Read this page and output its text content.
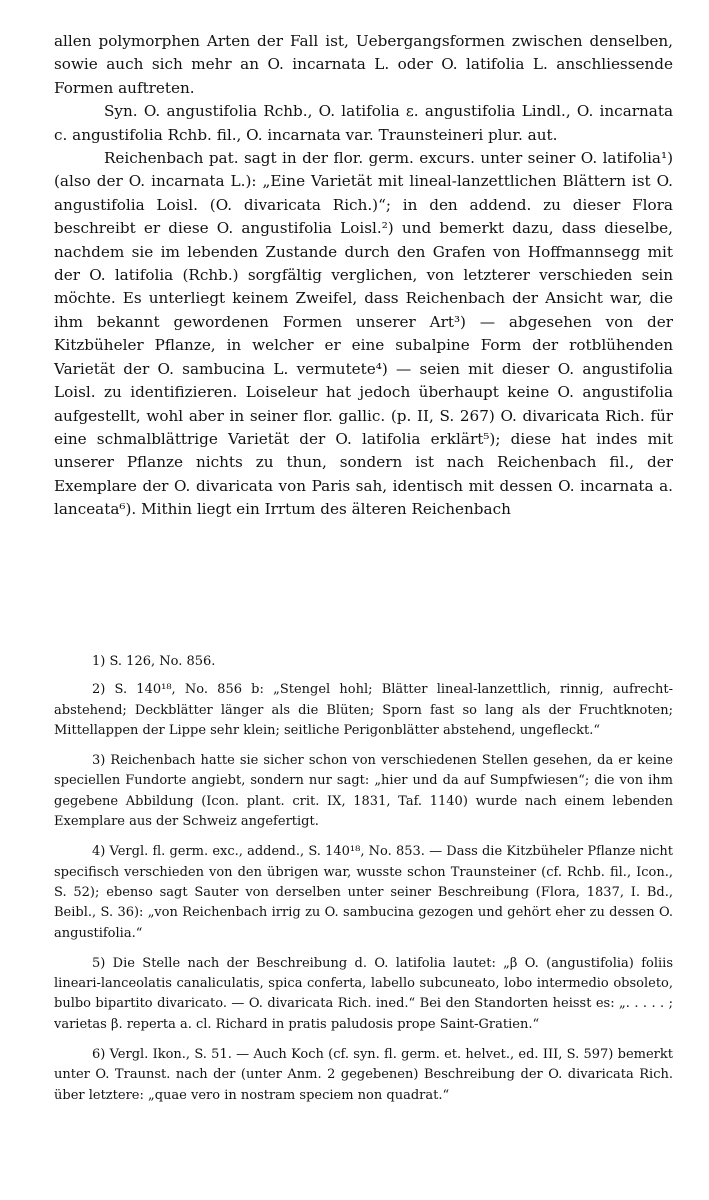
allen polymorphen Arten der Fall ist, Uebergangsformen zwischen denselben, sowie auch sich mehr an O. incarnata L. oder O. latifolia L. anschliessende Formen auftreten.

Syn. O. angustifolia Rchb., O. latifolia ε. angustifolia Lindl., O. incarnata c. angustifolia Rchb. fil., O. incarnata var. Traunsteineri plur. aut.

Reichenbach pat. sagt in der flor. germ. excurs. unter seiner O. latifolia¹) (also der O. incarnata L.): „Eine Varietät mit lineal-lanzettlichen Blättern ist O. angustifolia Loisl. (O. divaricata Rich.)“; in den addend. zu dieser Flora beschreibt er diese O. angustifolia Loisl.²) und bemerkt dazu, dass dieselbe, nachdem sie im lebenden Zustande durch den Grafen von Hoffmannsegg mit der O. latifolia (Rchb.) sorgfältig verglichen, von letzterer verschieden sein möchte. Es unterliegt keinem Zweifel, dass Reichenbach der Ansicht war, die ihm bekannt gewordenen Formen unserer Art³) — abgesehen von der Kitzbüheler Pflanze, in welcher er eine subalpine Form der rotblühenden Varietät der O. sambucina L. vermutete⁴) — seien mit dieser O. angustifolia Loisl. zu identifizieren. Loiseleur hat jedoch überhaupt keine O. angustifolia aufgestellt, wohl aber in seiner flor. gallic. (p. II, S. 267) O. divaricata Rich. für eine schmalblättrige Varietät der O. latifolia erklärt⁵); diese hat indes mit unserer Pflanze nichts zu thun, sondern ist nach Reichenbach fil., der Exemplare der O. divaricata von Paris sah, identisch mit dessen O. incarnata a. lanceata⁶). Mithin liegt ein Irrtum des älteren Reichenbach

1) S. 126, No. 856.

2) S. 140¹⁸, No. 856 b: „Stengel hohl; Blätter lineal-lanzettlich, rinnig, aufrecht-abstehend; Deckblätter länger als die Blüten; Sporn fast so lang als der Fruchtknoten; Mittellappen der Lippe sehr klein; seitliche Perigonblätter abstehend, ungefleckt.“

3) Reichenbach hatte sie sicher schon von verschiedenen Stellen gesehen, da er keine speciellen Fundorte angiebt, sondern nur sagt: „hier und da auf Sumpfwiesen“; die von ihm gegebene Abbildung (Icon. plant. crit. IX, 1831, Taf. 1140) wurde nach einem lebenden Exemplare aus der Schweiz angefertigt.

4) Vergl. fl. germ. exc., addend., S. 140¹⁸, No. 853. — Dass die Kitzbüheler Pflanze nicht specifisch verschieden von den übrigen war, wusste schon Traunsteiner (cf. Rchb. fil., Icon., S. 52); ebenso sagt Sauter von derselben unter seiner Beschreibung (Flora, 1837, I. Bd., Beibl., S. 36): „von Reichenbach irrig zu O. sambucina gezogen und gehört eher zu dessen O. angustifolia.“

5) Die Stelle nach der Beschreibung d. O. latifolia lautet: „β O. (angustifolia) foliis lineari-lanceolatis canaliculatis, spica conferta, labello subcuneato, lobo intermedio obsoleto, bulbo bipartito divaricato. — O. divaricata Rich. ined.“ Bei den Standorten heisst es: „. . . . . ; varietas β. reperta a. cl. Richard in pratis paludosis prope Saint-Gratien.“

6) Vergl. Ikon., S. 51. — Auch Koch (cf. syn. fl. germ. et. helvet., ed. III, S. 597) bemerkt unter O. Traunst. nach der (unter Anm. 2 gegebenen) Beschreibung der O. divaricata Rich. über letztere: „quae vero in nostram speciem non quadrat.“
